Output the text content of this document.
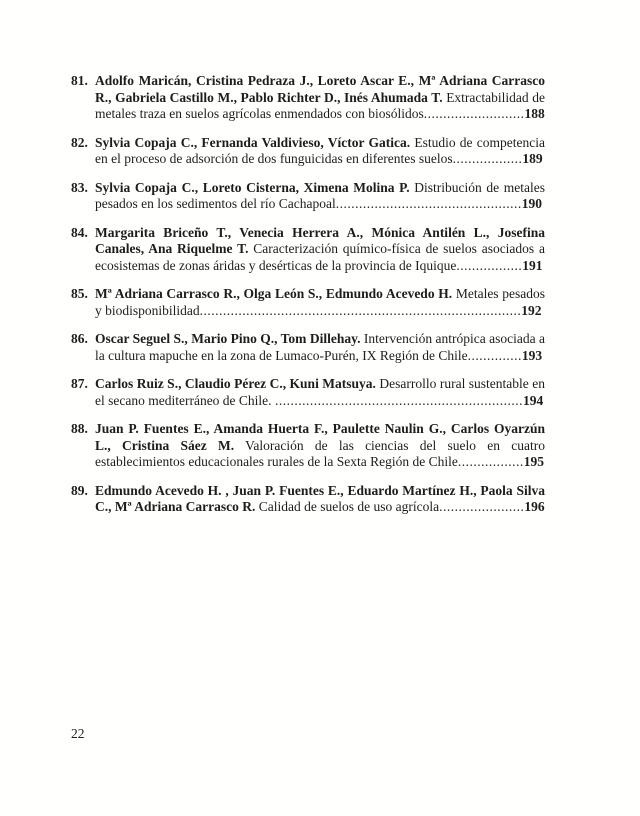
81. Adolfo Maricán, Cristina Pedraza J., Loreto Ascar E., Mª Adriana Carrasco R., Gabriela Castillo M., Pablo Richter D., Inés Ahumada T. Extractabilidad de metales traza en suelos agrícolas enmendados con biosólidos​.​.​.​.​.​.​.​.​.​.​.​.​.​.​.​.​.​.​.​.​.​.​.​.​.​.​188

82. Sylvia Copaja C., Fernanda Valdivieso, Víctor Gatica. Estudio de competencia en el proceso de adsorción de dos funguicidas en diferentes suelos​.​.​.​.​.​.​.​.​.​.​.​.​.​.​.​.​.​.​189

83. Sylvia Copaja C., Loreto Cisterna, Ximena Molina P. Distribución de metales pesados en los sedimentos del río Cachapoal​.​.​.​.​.​.​.​.​.​.​.​.​.​.​.​.​.​.​.​.​.​.​.​.​.​.​.​.​.​.​.​.​.​.​.​.​.​.​.​.​.​.​.​.​.​.​.​.​190

84. Margarita Briceño T., Venecia Herrera A., Mónica Antilén L., Josefina Canales, Ana Riquelme T. Caracterización químico-física de suelos asociados a ecosistemas de zonas áridas y desérticas de la provincia de Iquique​.​.​.​.​.​.​.​.​.​.​.​.​.​.​.​.​.​191

85. Mª Adriana Carrasco R., Olga León S., Edmundo Acevedo H. Metales pesados y biodisponibilidad​.​.​.​.​.​.​.​.​.​.​.​.​.​.​.​.​.​.​.​.​.​.​.​.​.​.​.​.​.​.​.​.​.​.​.​.​.​.​.​.​.​.​.​.​.​.​.​.​.​.​.​.​.​.​.​.​.​.​.​.​.​.​.​.​.​.​.​.​.​.​.​.​.​.​.​.​.​.​.​.​.​.​.​192

86. Oscar Seguel S., Mario Pino Q., Tom Dillehay. Intervención antrópica asociada a la cultura mapuche en la zona de Lumaco-Purén, IX Región de Chile​.​.​.​.​.​.​.​.​.​.​.​.​.​.​193

87. Carlos Ruiz S., Claudio Pérez C., Kuni Matsuya. Desarrollo rural sustentable en el secano mediterráneo de Chile. ​.​.​.​.​.​.​.​.​.​.​.​.​.​.​.​.​.​.​.​.​.​.​.​.​.​.​.​.​.​.​.​.​.​.​.​.​.​.​.​.​.​.​.​.​.​.​.​.​.​.​.​.​.​.​.​.​.​.​.​.​.​.​.​.​194

88. Juan P. Fuentes E., Amanda Huerta F., Paulette Naulin G., Carlos Oyarzún L., Cristina Sáez M. Valoración de las ciencias del suelo en cuatro establecimientos educacionales rurales de la Sexta Región de Chile​.​.​.​.​.​.​.​.​.​.​.​.​.​.​.​.​.​195

89. Edmundo Acevedo H. , Juan P. Fuentes E., Eduardo Martínez H., Paola Silva C., Mª Adriana Carrasco R. Calidad de suelos de uso agrícola​.​.​.​.​.​.​.​.​.​.​.​.​.​.​.​.​.​.​.​.​.​.​196

22
